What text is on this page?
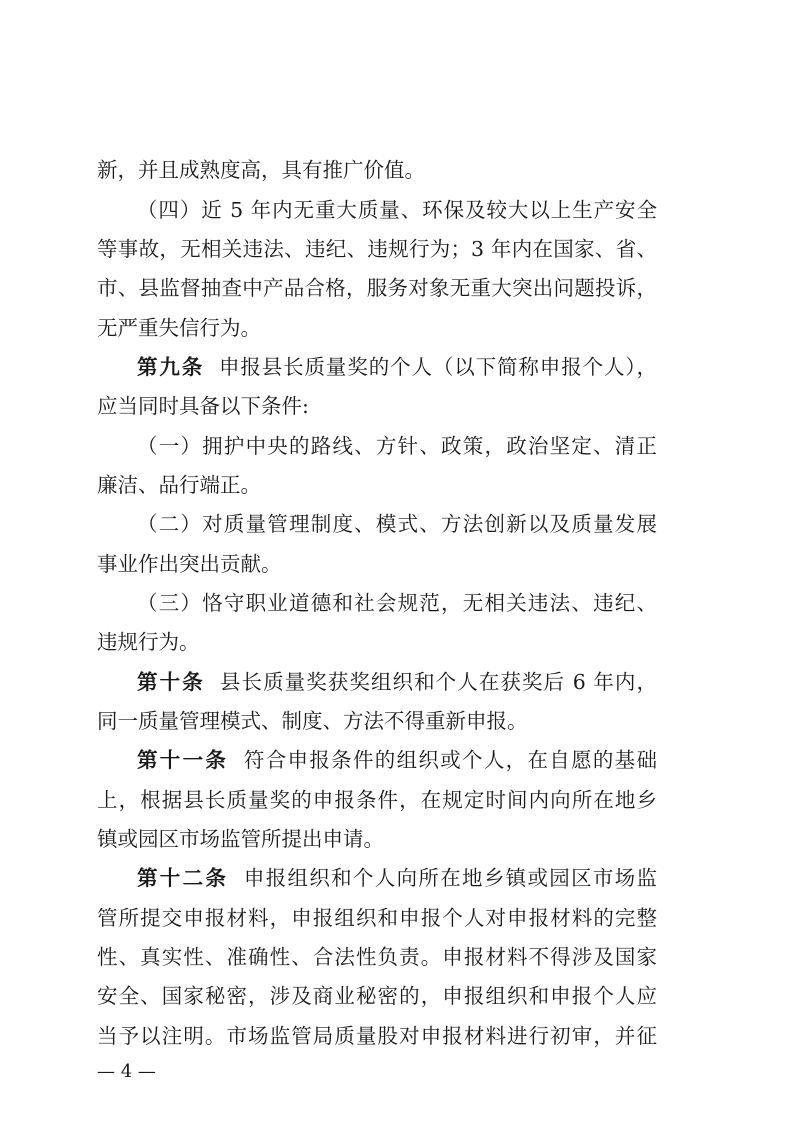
新，并且成熟度高，具有推广价值。
（四）近 5 年内无重大质量、环保及较大以上生产安全
等事故，无相关违法、违纪、违规行为；3 年内在国家、省、
市、县监督抽查中产品合格，服务对象无重大突出问题投诉，
无严重失信行为。
第九条 申报县长质量奖的个人（以下简称申报个人），
应当同时具备以下条件:
（一）拥护中央的路线、方针、政策，政治坚定、清正
廉洁、品行端正。
（二）对质量管理制度、模式、方法创新以及质量发展
事业作出突出贡献。
（三）恪守职业道德和社会规范，无相关违法、违纪、
违规行为。
第十条 县长质量奖获奖组织和个人在获奖后 6 年内，
同一质量管理模式、制度、方法不得重新申报。
第十一条 符合申报条件的组织或个人，在自愿的基础
上，根据县长质量奖的申报条件，在规定时间内向所在地乡
镇或园区市场监管所提出申请。
第十二条 申报组织和个人向所在地乡镇或园区市场监
管所提交申报材料，申报组织和申报个人对申报材料的完整
性、真实性、准确性、合法性负责。申报材料不得涉及国家
安全、国家秘密，涉及商业秘密的，申报组织和申报个人应
当予以注明。市场监管局质量股对申报材料进行初审，并征
— 4 —
